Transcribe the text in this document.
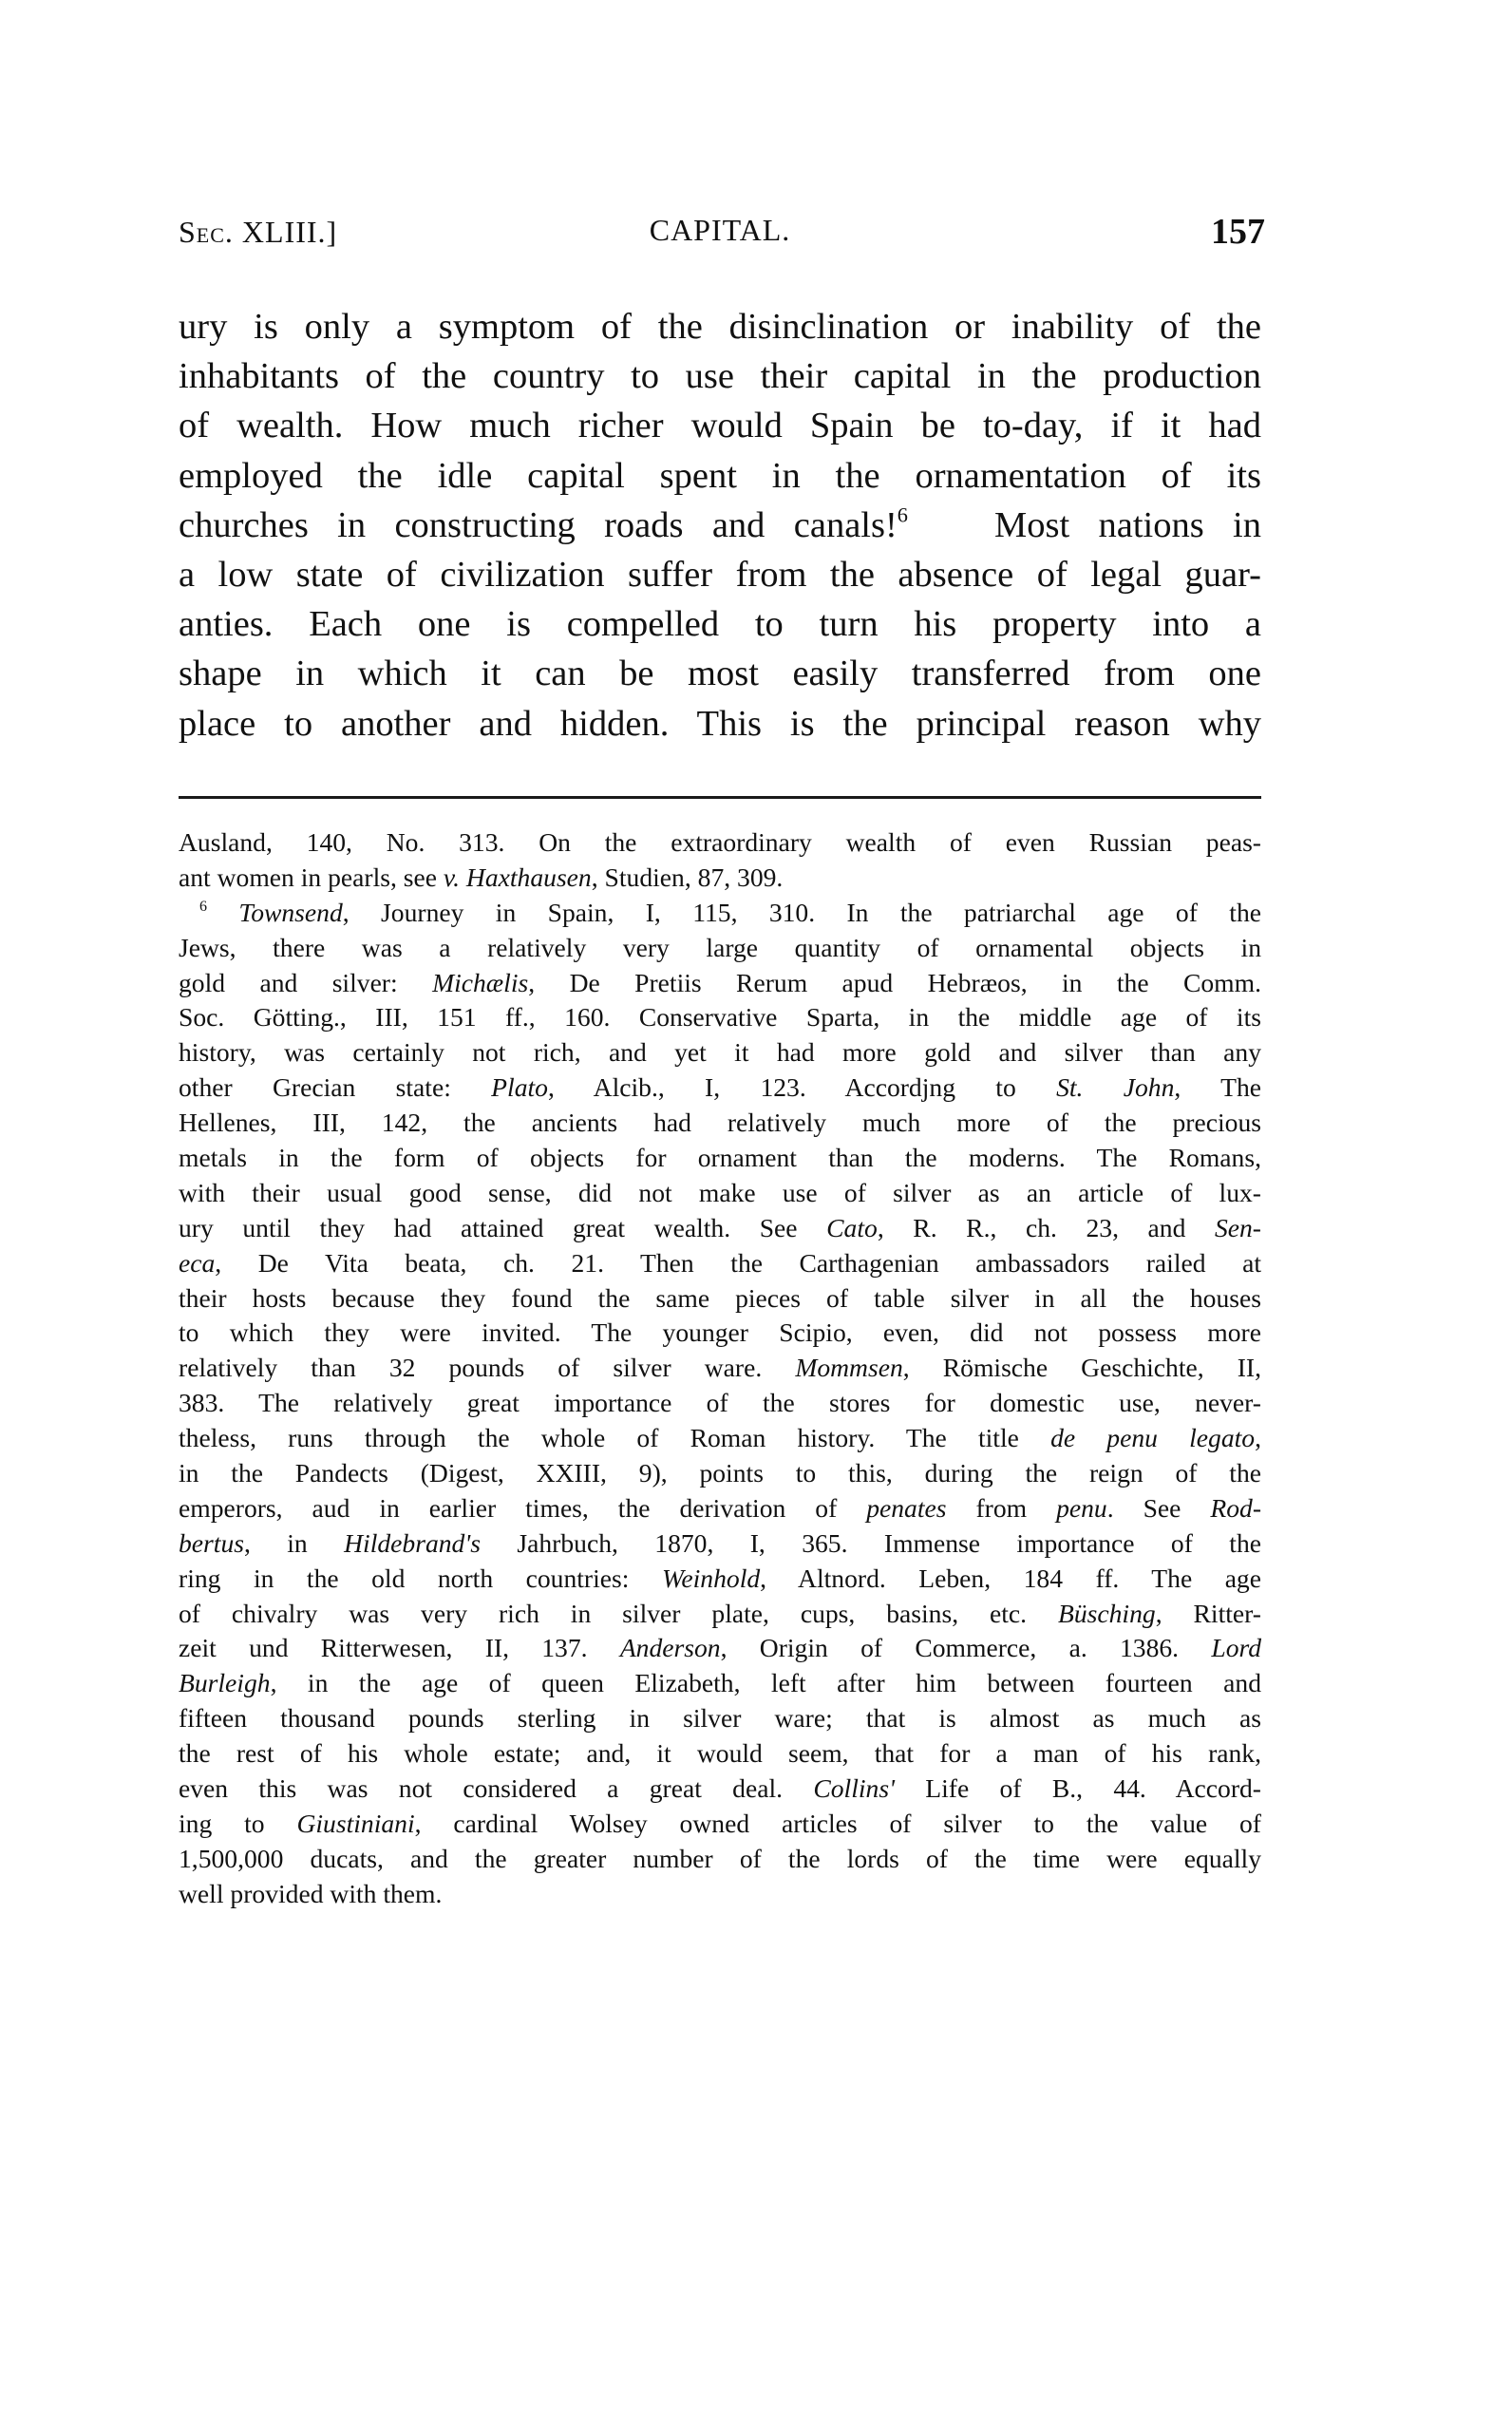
Sec. XLIII.]	CAPITAL.	157
ury is only a symptom of the disinclination or inability of the
inhabitants of the country to use their capital in the production
of wealth. How much richer would Spain be to-day, if it had
employed the idle capital spent in the ornamentation of its
churches in constructing roads and canals!$^6$ Most nations in
a low state of civilization suffer from the absence of legal guar-
anties. Each one is compelled to turn his property into a
shape in which it can be most easily transferred from one
place to another and hidden. This is the principal reason why
Ausland, 140, No. 313. On the extraordinary wealth of even Russian peas-
ant women in pearls, see v. Haxthausen, Studien, 87, 309.
$^6$ Townsend, Journey in Spain, I, 115, 310. In the patriarchal age of the
Jews, there was a relatively very large quantity of ornamental objects in
gold and silver: Michælis, De Pretiis Rerum apud Hebræos, in the Comm.
Soc. Götting., III, 151 ff., 160. Conservative Sparta, in the middle age of its
history, was certainly not rich, and yet it had more gold and silver than any
other Grecian state: Plato, Alcib., I, 123. Accordjng to St. John, The
Hellenes, III, 142, the ancients had relatively much more of the precious
metals in the form of objects for ornament than the moderns. The Romans,
with their usual good sense, did not make use of silver as an article of lux-
ury until they had attained great wealth. See Cato, R. R., ch. 23, and Sen-
eca, De Vita beata, ch. 21. Then the Carthagenian ambassadors railed at
their hosts because they found the same pieces of table silver in all the houses
to which they were invited. The younger Scipio, even, did not possess more
relatively than 32 pounds of silver ware. Mommsen, Römische Geschichte, II,
383. The relatively great importance of the stores for domestic use, never-
theless, runs through the whole of Roman history. The title de penu legato,
in the Pandects (Digest, XXIII, 9), points to this, during the reign of the
emperors, aud in earlier times, the derivation of penates from penu. See Rod-
bertus, in Hildebrand's Jahrbuch, 1870, I, 365. Immense importance of the
ring in the old north countries: Weinhold, Altnord. Leben, 184 ff. The age
of chivalry was very rich in silver plate, cups, basins, etc. Büsching, Ritter-
zeit und Ritterwesen, II, 137. Anderson, Origin of Commerce, a. 1386. Lord
Burleigh, in the age of queen Elizabeth, left after him between fourteen and
fifteen thousand pounds sterling in silver ware; that is almost as much as
the rest of his whole estate; and, it would seem, that for a man of his rank,
even this was not considered a great deal. Collins' Life of B., 44. Accord-
ing to Giustiniani, cardinal Wolsey owned articles of silver to the value of
1,500,000 ducats, and the greater number of the lords of the time were equally
well provided with them.
